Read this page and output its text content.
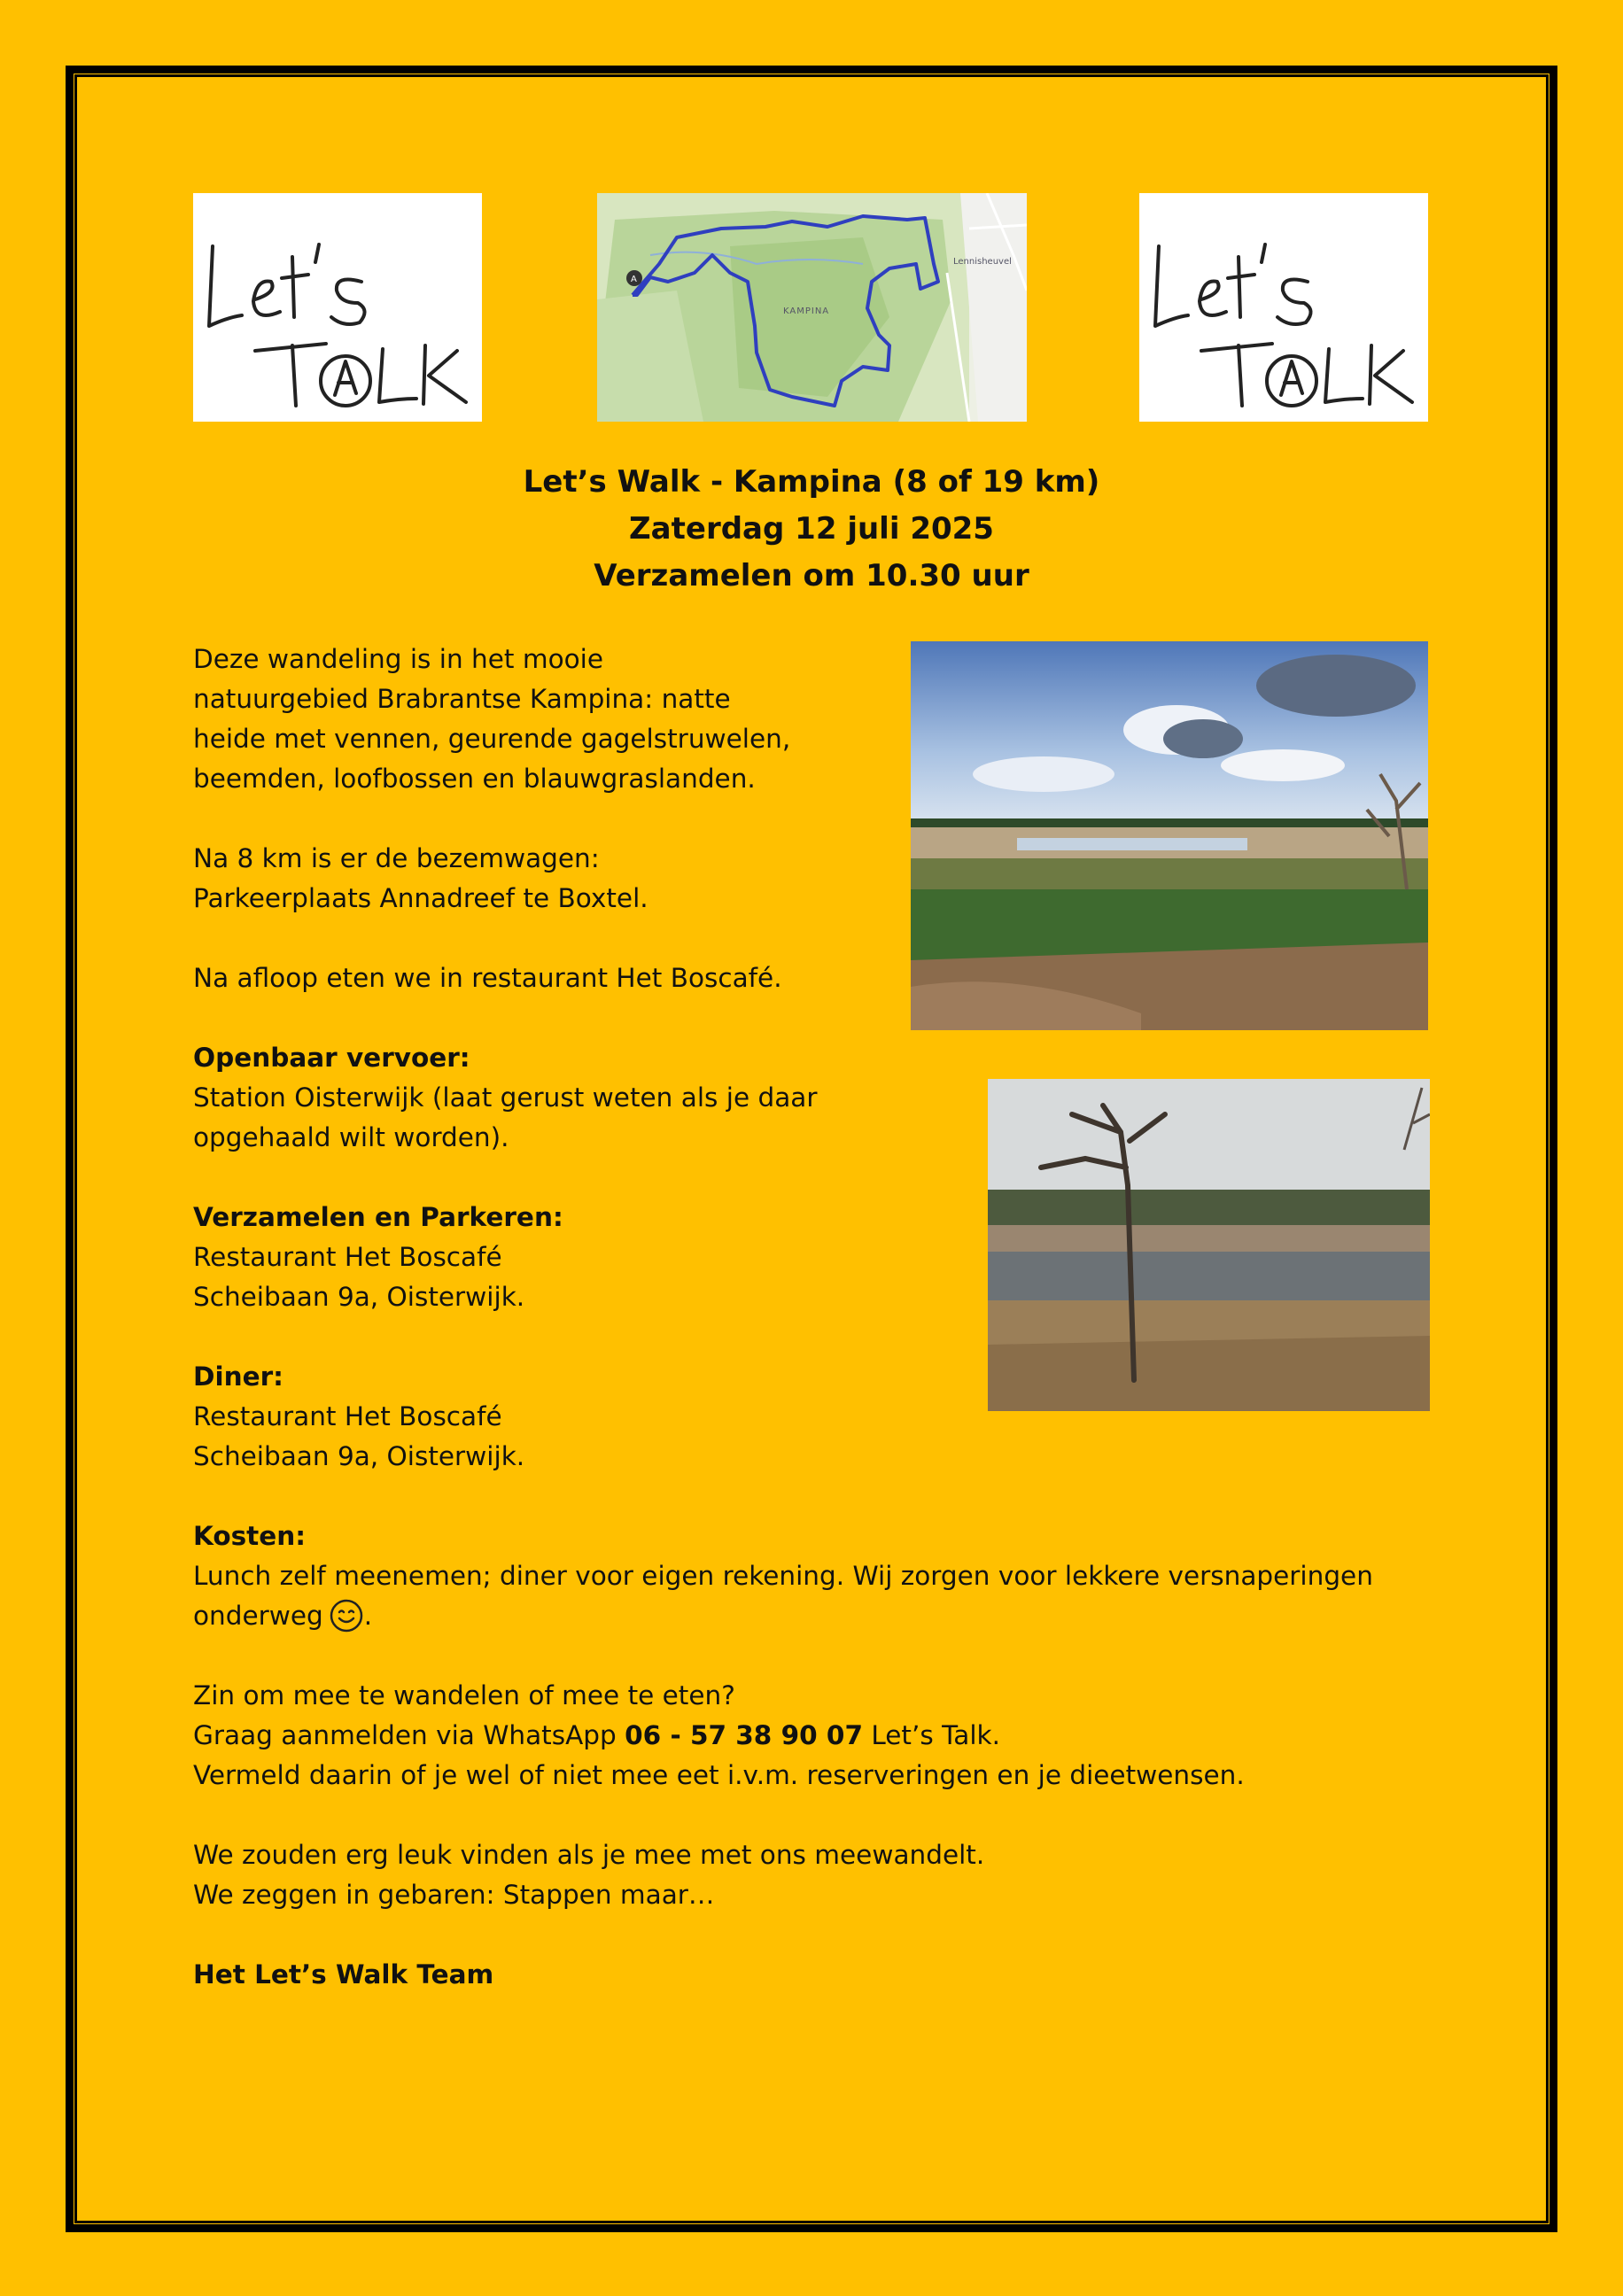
A
KAMPINA
Lennisheuvel
Let’s Walk - Kampina (8 of 19 km)
Zaterdag 12 juli 2025
Verzamelen om 10.30 uur

Deze wandeling is in het mooie
natuurgebied Brabrantse Kampina: natte
heide met vennen, geurende gagelstruwelen,
beemden, loofbossen en blauwgraslanden.

Na 8 km is er de bezemwagen:
Parkeerplaats Annadreef te Boxtel.

Na afloop eten we in restaurant Het Boscafé.

Openbaar vervoer:
Station Oisterwijk (laat gerust weten als je daar
opgehaald wilt worden).

Verzamelen en Parkeren:
Restaurant Het Boscafé
Scheibaan 9a, Oisterwijk.

Diner:
Restaurant Het Boscafé
Scheibaan 9a, Oisterwijk.

Kosten:
Lunch zelf meenemen; diner voor eigen rekening. Wij zorgen voor lekkere versnaperingen
onderweg .

Zin om mee te wandelen of mee te eten?
Graag aanmelden via WhatsApp 06 - 57 38 90 07 Let’s Talk.
Vermeld daarin of je wel of niet mee eet i.v.m. reserveringen en je dieetwensen.

We zouden erg leuk vinden als je mee met ons meewandelt.
We zeggen in gebaren: Stappen maar…

Het Let’s Walk Team
